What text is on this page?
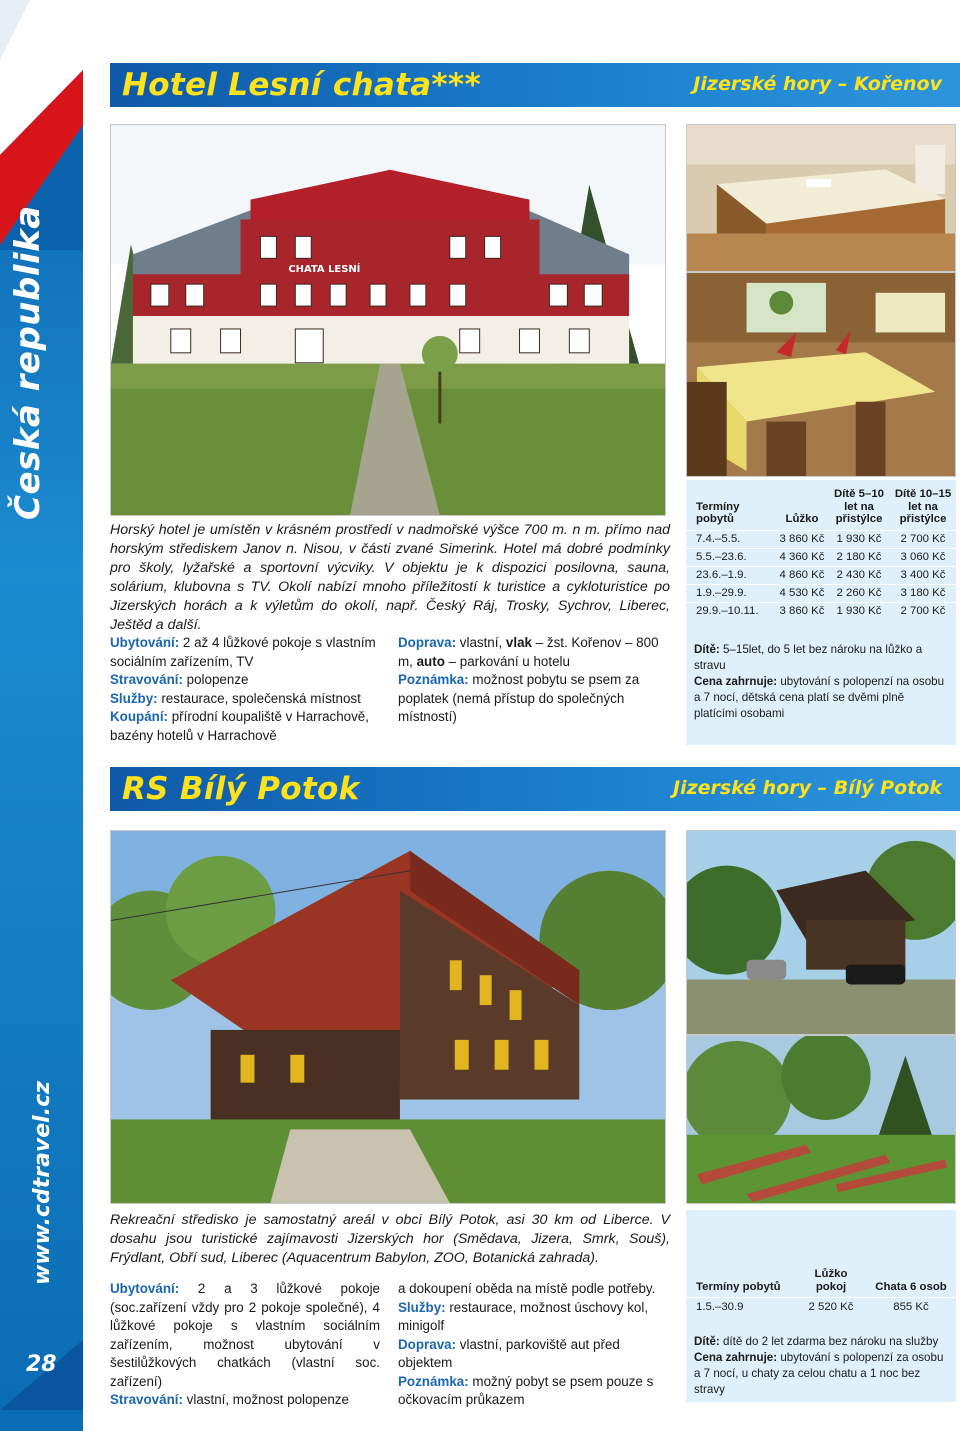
Česká republika
www.cdtravel.cz
28
Hotel Lesní chata***	Jizerské hory – Kořenov
CHATA LESNÍ
Horský hotel je umístěn v krásném prostředí v nadmořské výšce 700 m. n m. přímo nad horským střediskem Janov n. Nisou, v části zvané Simerink. Hotel má dobré podmínky pro školy, lyžařské a sportovní výcviky. V objektu je k dispozici posilovna, sauna, solárium, klubovna s TV. Okolí nabízí mnoho příležitostí k turistice a cykloturistice po Jizerských horách a k výletům do okolí, např. Český Ráj, Trosky, Sychrov, Liberec, Ještěd a další.

Ubytování: 2 až 4 lůžkové pokoje s vlastním sociálním zařízením, TV

Stravování: polopenze

Služby: restaurace, společenská místnost

Koupání: přírodní koupaliště v Harrachově, bazény hotelů v Harrachově

Doprava: vlastní, vlak – žst. Kořenov – 800 m, auto – parkování u hotelu

Poznámka: možnost pobytu se psem za poplatek (nemá přístup do společných místností)

Termíny pobytů	Lůžko	Dítě 5–10 let na přistýlce	Dítě 10–15 let na přistýlce
7.4.–5.5.	3 860 Kč	1 930 Kč	2 700 Kč
5.5.–23.6.	4 360 Kč	2 180 Kč	3 060 Kč
23.6.–1.9.	4 860 Kč	2 430 Kč	3 400 Kč
1.9.–29.9.	4 530 Kč	2 260 Kč	3 180 Kč
29.9.–10.11.	3 860 Kč	1 930 Kč	2 700 Kč
Dítě: 5–15let, do 5 let bez nároku na lůžko a stravu
Cena zahrnuje: ubytování s polopenzí na osobu a 7 nocí, dětská cena platí se dvěmi plně platícími osobami
RS Bílý Potok	Jizerské hory – Bílý Potok
Rekreační středisko je samostatný areál v obci Bílý Potok, asi 30 km od Liberce. V dosahu jsou turistické zajímavosti Jizerských hor (Smědava, Jizera, Smrk, Souš), Frýdlant, Obří sud, Liberec (Aquacentrum Babylon, ZOO, Botanická zahrada).

Ubytování: 2 a 3 lůžkové pokoje (soc.zařízení vždy pro 2 pokoje společné), 4 lůžkové pokoje s vlastním sociálním zařízením, možnost ubytování v šestilůžkových chatkách (vlastní soc. zařízení)

Stravování: vlastní, možnost polopenze

a dokoupení oběda na místě podle potřeby.

Služby: restaurace, možnost úschovy kol, minigolf

Doprava: vlastní, parkoviště aut před objektem

Poznámka: možný pobyt se psem pouze s očkovacím průkazem

Termíny pobytů	Lůžko pokoj	Chata 6 osob
1.5.–30.9	2 520 Kč	855 Kč
Dítě: dítě do 2 let zdarma bez nároku na služby
Cena zahrnuje: ubytování s polopenzí za osobu a 7 nocí, u chaty za celou chatu a 1 noc bez stravy
